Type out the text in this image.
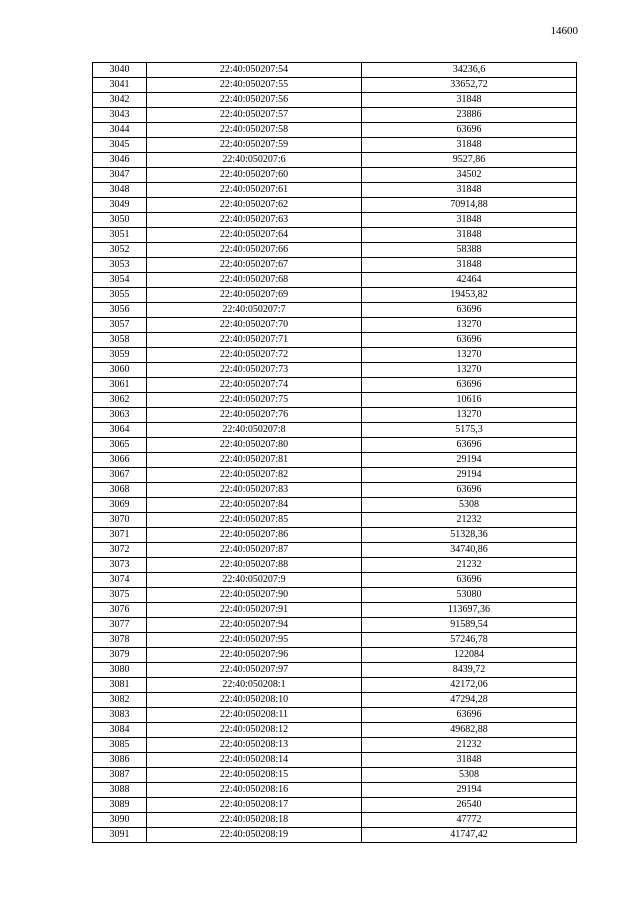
14600
3040	22:40:050207:54	34236,6
3041	22:40:050207:55	33652,72
3042	22:40:050207:56	31848
3043	22:40:050207:57	23886
3044	22:40:050207:58	63696
3045	22:40:050207:59	31848
3046	22:40:050207:6	9527,86
3047	22:40:050207:60	34502
3048	22:40:050207:61	31848
3049	22:40:050207:62	70914,88
3050	22:40:050207:63	31848
3051	22:40:050207:64	31848
3052	22:40:050207:66	58388
3053	22:40:050207:67	31848
3054	22:40:050207:68	42464
3055	22:40:050207:69	19453,82
3056	22:40:050207:7	63696
3057	22:40:050207:70	13270
3058	22:40:050207:71	63696
3059	22:40:050207:72	13270
3060	22:40:050207:73	13270
3061	22:40:050207:74	63696
3062	22:40:050207:75	10616
3063	22:40:050207:76	13270
3064	22:40:050207:8	5175,3
3065	22:40:050207:80	63696
3066	22:40:050207:81	29194
3067	22:40:050207:82	29194
3068	22:40:050207:83	63696
3069	22:40:050207:84	5308
3070	22:40:050207:85	21232
3071	22:40:050207:86	51328,36
3072	22:40:050207:87	34740,86
3073	22:40:050207:88	21232
3074	22:40:050207:9	63696
3075	22:40:050207:90	53080
3076	22:40:050207:91	113697,36
3077	22:40:050207:94	91589,54
3078	22:40:050207:95	57246,78
3079	22:40:050207:96	122084
3080	22:40:050207:97	8439,72
3081	22:40:050208:1	42172,06
3082	22:40:050208:10	47294,28
3083	22:40:050208:11	63696
3084	22:40:050208:12	49682,88
3085	22:40:050208:13	21232
3086	22:40:050208:14	31848
3087	22:40:050208:15	5308
3088	22:40:050208:16	29194
3089	22:40:050208:17	26540
3090	22:40:050208:18	47772
3091	22:40:050208:19	41747,42
